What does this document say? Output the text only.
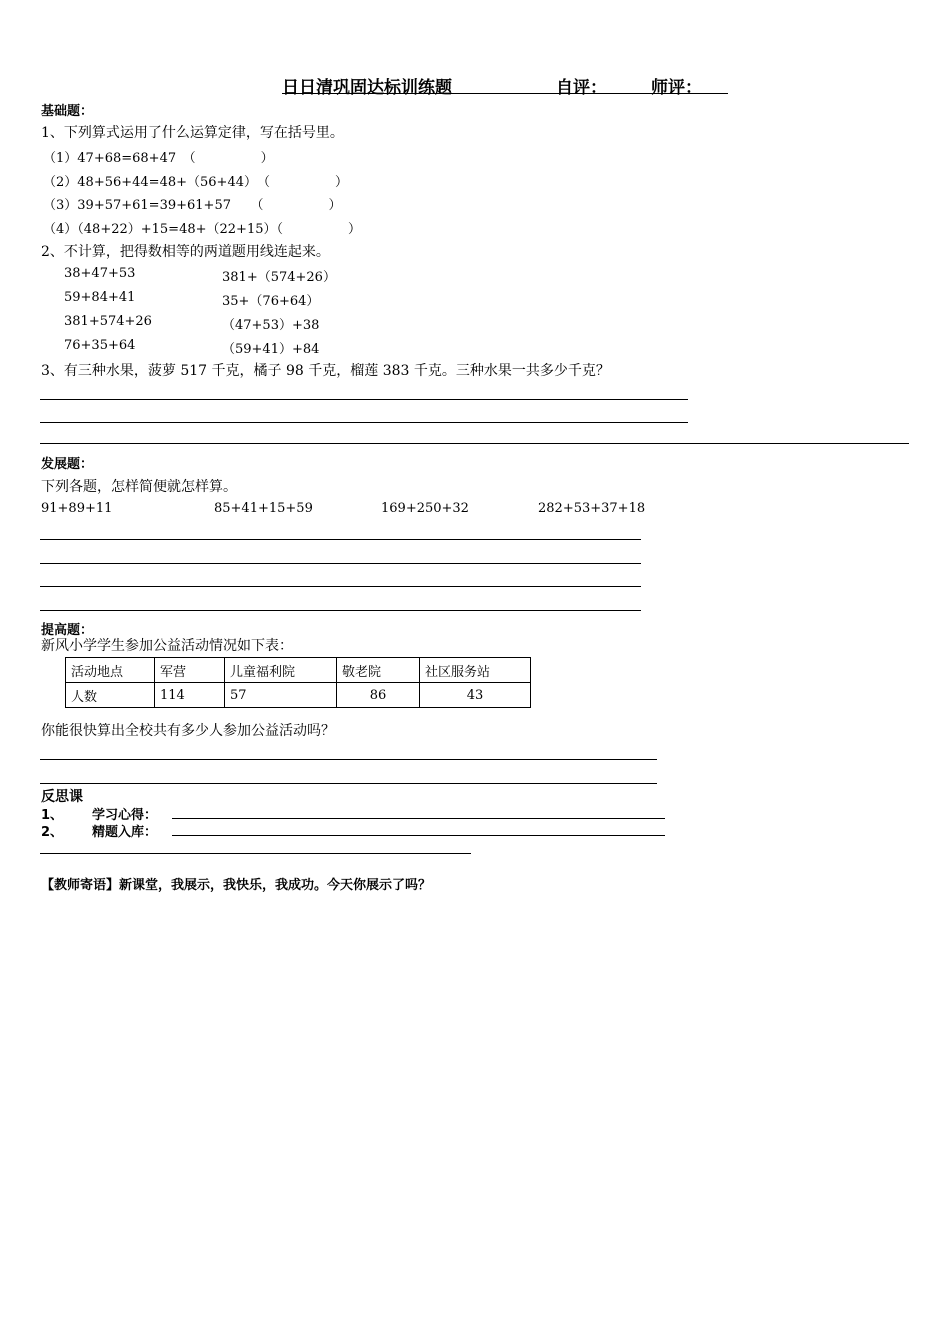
日日清巩固达标训练题	自评：	师评：
基础题：
1、下列算式运用了什么运算定律，写在括号里。
（1）47+68=68+47　（　　　　　）
（2）48+56+44=48+（56+44）　（　　　　　）
（3）39+57+61=39+61+57　　（　　　　　）
（4）（48+22）+15=48+（22+15）（　　　　　）
2、不计算，把得数相等的两道题用线连起来。
38+47+53
59+84+41
381+574+26
76+35+64
381+（574+26）
35+（76+64）
（47+53）+38
（59+41）+84
3、有三种水果，菠萝 517 千克，橘子 98 千克，榴莲 383 千克。三种水果一共多少千克？
发展题：
下列各题，怎样简便就怎样算。
91+89+11	85+41+15+59	169+250+32	282+53+37+18
提高题：
新风小学学生参加公益活动情况如下表：
活动地点	军营	儿童福利院	敬老院	社区服务站
人数	114	57	86	43
你能很快算出全校共有多少人参加公益活动吗？
反思课
1、 学习心得：
2、 精题入库：
【教师寄语】新课堂，我展示，我快乐，我成功。今天你展示了吗？
